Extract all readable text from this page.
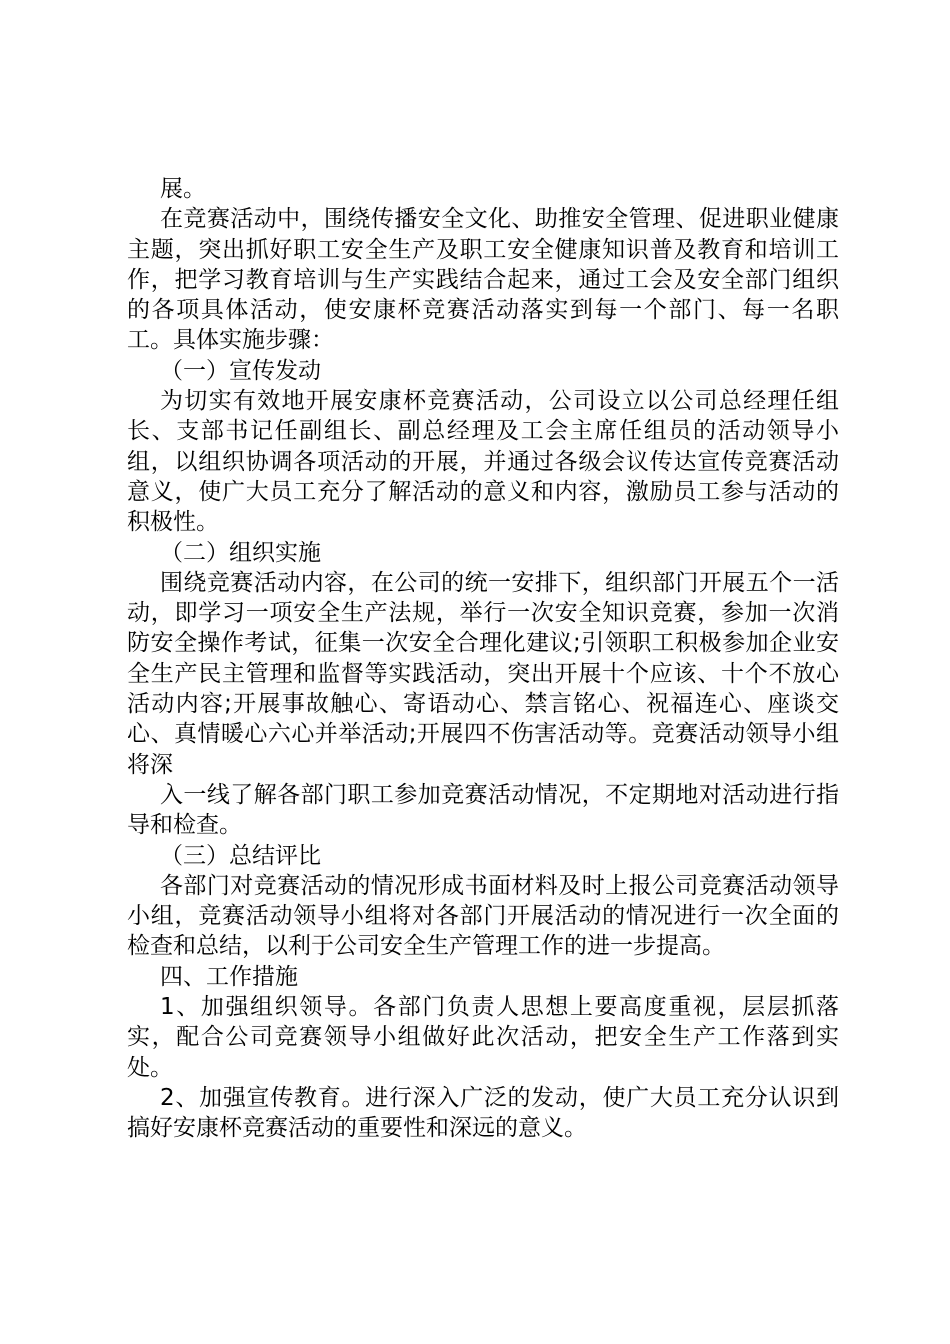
展。

在竞赛活动中，围绕传播安全文化、助推安全管理、促进职业健康主题，突出抓好职工安全生产及职工安全健康知识普及教育和培训工作，把学习教育培训与生产实践结合起来，通过工会及安全部门组织的各项具体活动，使安康杯竞赛活动落实到每一个部门、每一名职工。具体实施步骤：

（一）宣传发动

为切实有效地开展安康杯竞赛活动，公司设立以公司总经理任组长、支部书记任副组长、副总经理及工会主席任组员的活动领导小组，以组织协调各项活动的开展，并通过各级会议传达宣传竞赛活动意义，使广大员工充分了解活动的意义和内容，激励员工参与活动的积极性。

（二）组织实施

围绕竞赛活动内容，在公司的统一安排下，组织部门开展五个一活动，即学习一项安全生产法规，举行一次安全知识竞赛，参加一次消防安全操作考试，征集一次安全合理化建议;引领职工积极参加企业安全生产民主管理和监督等实践活动，突出开展十个应该、十个不放心活动内容;开展事故触心、寄语动心、禁言铭心、祝福连心、座谈交心、真情暖心六心并举活动;开展四不伤害活动等。竞赛活动领导小组将深

入一线了解各部门职工参加竞赛活动情况，不定期地对活动进行指导和检查。

（三）总结评比

各部门对竞赛活动的情况形成书面材料及时上报公司竞赛活动领导小组，竞赛活动领导小组将对各部门开展活动的情况进行一次全面的检查和总结，以利于公司安全生产管理工作的进一步提高。

四、工作措施

1、加强组织领导。各部门负责人思想上要高度重视，层层抓落实，配合公司竞赛领导小组做好此次活动，把安全生产工作落到实处。

2、加强宣传教育。进行深入广泛的发动，使广大员工充分认识到搞好安康杯竞赛活动的重要性和深远的意义。
